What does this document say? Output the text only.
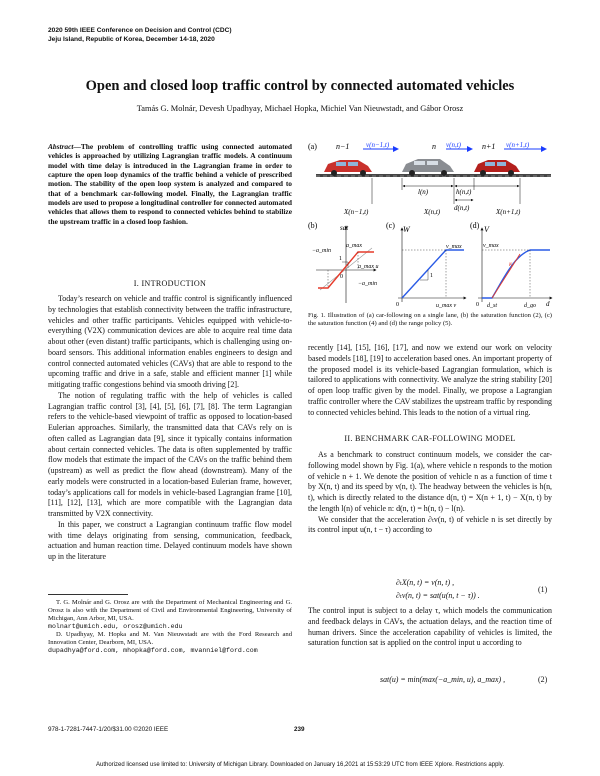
2020 59th IEEE Conference on Decision and Control (CDC)
Jeju Island, Republic of Korea, December 14-18, 2020
Open and closed loop traffic control by connected automated vehicles
Tamás G. Molnár, Devesh Upadhyay, Michael Hopka, Michiel Van Nieuwstadt, and Gábor Orosz
Abstract—The problem of controlling traffic using connected automated vehicles is approached by utilizing Lagrangian traffic models. A continuum model with time delay is introduced in the Lagrangian frame in order to capture the open loop dynamics of the traffic behind a vehicle of prescribed motion. The stability of the open loop system is analyzed and compared to that of a benchmark car-following model. Finally, the Lagrangian traffic models are used to propose a longitudinal controller for connected automated vehicles that allows them to respond to connected vehicles behind to stabilize the upstream traffic in a closed loop fashion.
I. INTRODUCTION

Today’s research on vehicle and traffic control is significantly influenced by technologies that establish connectivity between the traffic infrastructure, vehicles and other traffic participants. Vehicles equipped with vehicle-to-everything (V2X) communication devices are able to acquire real time data about other (even distant) traffic participants, which is challenging using on-board sensors. This additional information enables engineers to design and control connected automated vehicles (CAVs) that are able to respond to the upcoming traffic and drive in a safe, stable and efficient manner [1] while mitigating traffic congestions behind via smooth driving [2].

The notion of regulating traffic with the help of vehicles is called Lagrangian traffic control [3], [4], [5], [6], [7], [8]. The term Lagrangian refers to the vehicle-based viewpoint of traffic as opposed to location-based Eulerian approaches. Similarly, the transmitted data that CAVs rely on is often called as Lagrangian data [9], since it typically contains information about certain connected vehicles. The data is often supplemented by traffic flow models that estimate the impact of the CAVs on the traffic behind them (upstream) as well as predict the flow ahead (downstream). Many of the early models were constructed in a location-based Eulerian frame, however, today’s applications call for models in vehicle-based Lagrangian frame [10], [11], [12], [13], which are more compatible with the Lagrangian data transmitted by V2X connectivity.

In this paper, we construct a Lagrangian continuum traffic flow model with time delays originating from sensing, communication, feedback, actuation and human reaction time. Delayed continuum models have shown up in the literature

T. G. Molnár and G. Orosz are with the Department of Mechanical Engineering and G. Orosz is also with the Department of Civil and Environmental Engineering, University of Michigan, Ann Arbor, MI, USA.
molnart@umich.edu, orosz@umich.edu
D. Upadhyay, M. Hopka and M. Van Nieuwstadt are with the Ford Research and Innovation Center, Dearborn, MI, USA.
dupadhya@ford.com, mhopka@ford.com, mvanniel@ford.com
(a) n−1	n	n+1
v(n−1,t)	v(n,t)	v(n+1,t)
l(n)	h(n,t)
d(n,t)
X(n−1,t)	X(n,t)	X(n+1,t)
(b)	sat
−a_min
a_max
a_max u
−a_min
1
0
(c) W
v_max
u_max v
1
0
(d) V
v_max
κ
d_st	d_go d
0
Fig. 1. Illustration of (a) car-following on a single lane, (b) the saturation function (2), (c) the saturation function (4) and (d) the range policy (5).

recently [14], [15], [16], [17], and now we extend our work on velocity based models [18], [19] to acceleration based ones. An important property of the proposed model is its vehicle-based Lagrangian formulation, which is tailored to applications with connectivity. We analyze the string stability [20] of open loop traffic given by the model. Finally, we propose a Lagrangian traffic controller where the CAV stabilizes the upstream traffic by responding to connected vehicles behind. This leads to the notion of a virtual ring.

II. BENCHMARK CAR-FOLLOWING MODEL

As a benchmark to construct continuum models, we consider the car-following model shown by Fig. 1(a), where vehicle n responds to the motion of vehicle n + 1. We denote the position of vehicle n as a function of time t by X(n, t) and its speed by v(n, t). The headway between the vehicles is h(n, t), which is directly related to the distance d(n, t) = X(n + 1, t) − X(n, t) by the length l(n) of vehicle n: d(n, t) = h(n, t) − l(n).

We consider that the acceleration ∂ₜv(n, t) of vehicle n is set directly by its control input u(n, t − τ) according to

∂ₜX(n, t) = v(n, t) ,
∂ₜv(n, t) = sat(u(n, t − τ)) .
(1)

The control input is subject to a delay τ, which models the communication and feedback delays in CAVs, the actuation delays, and the reaction time of human drivers. Since the acceleration capability of vehicles is limited, the saturation function sat is applied on the control input u according to

sat(u) = min(max(−a_min, u), a_max) ,	(2)
978-1-7281-7447-1/20/$31.00 ©2020 IEEE	239
Authorized licensed use limited to: University of Michigan Library. Downloaded on January 16,2021 at 15:53:29 UTC from IEEE Xplore. Restrictions apply.
